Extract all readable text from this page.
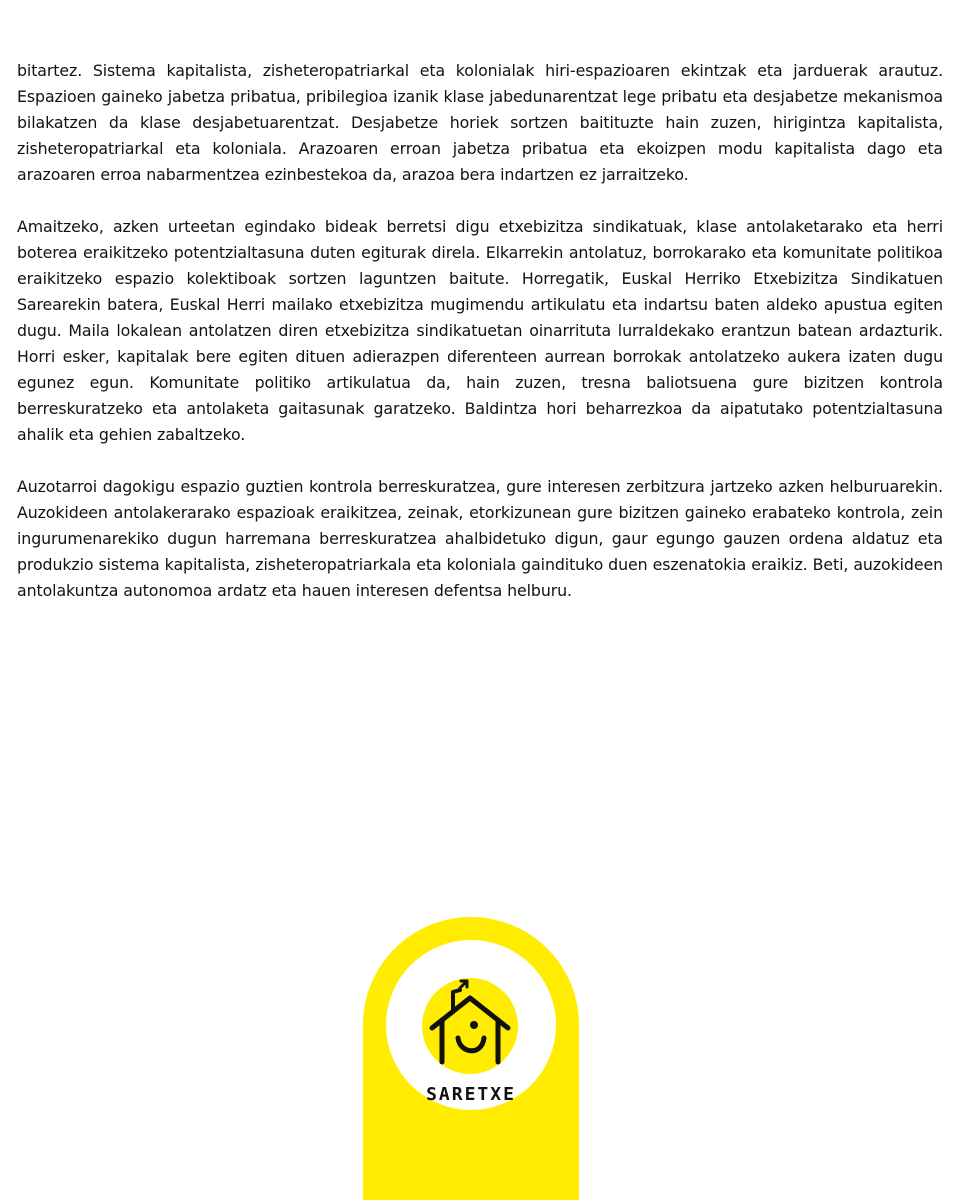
bitartez. Sistema kapitalista, zisheteropatriarkal eta kolonialak hiri-espazioaren ekintzak eta jarduerak arautuz. Espazioen gaineko jabetza pribatua, pribilegioa izanik klase jabedunarentzat lege pribatu eta desjabetze mekanismoa bilakatzen da klase desjabetuarentzat. Desjabetze horiek sortzen baitituzte hain zuzen, hirigintza kapitalista, zisheteropatriarkal eta koloniala. Arazoaren erroan jabetza pribatua eta ekoizpen modu kapitalista dago eta arazoaren erroa nabarmentzea ezinbestekoa da, arazoa bera indartzen ez jarraitzeko.

Amaitzeko, azken urteetan egindako bideak berretsi digu etxebizitza sindikatuak, klase antolaketarako eta herri boterea eraikitzeko potentzialtasuna duten egiturak direla. Elkarrekin antolatuz, borrokarako eta komunitate politikoa eraikitzeko espazio kolektiboak sortzen laguntzen baitute. Horregatik, Euskal Herriko Etxebizitza Sindikatuen Sarearekin batera, Euskal Herri mailako etxebizitza mugimendu artikulatu eta indartsu baten aldeko apustua egiten dugu. Maila lokalean antolatzen diren etxebizitza sindikatuetan oinarrituta lurraldekako erantzun batean ardazturik. Horri esker, kapitalak bere egiten dituen adierazpen diferenteen aurrean borrokak antolatzeko aukera izaten dugu egunez egun. Komunitate politiko artikulatua da, hain zuzen, tresna baliotsuena gure bizitzen kontrola berreskuratzeko eta antolaketa gaitasunak garatzeko. Baldintza hori beharrezkoa da aipatutako potentzialtasuna ahalik eta gehien zabaltzeko.

Auzotarroi dagokigu espazio guztien kontrola berreskuratzea, gure interesen zerbitzura jartzeko azken helburuarekin. Auzokideen antolakerarako espazioak eraikitzea, zeinak, etorkizunean gure bizitzen gaineko erabateko kontrola, zein ingurumenarekiko dugun harremana berreskuratzea ahalbidetuko digun, gaur egungo gauzen ordena aldatuz eta produkzio sistema kapitalista, zisheteropatriarkala eta koloniala gaindituko duen eszenatokia eraikiz. Beti, auzokideen antolakuntza autonomoa ardatz eta hauen interesen defentsa helburu.

SARETXE
